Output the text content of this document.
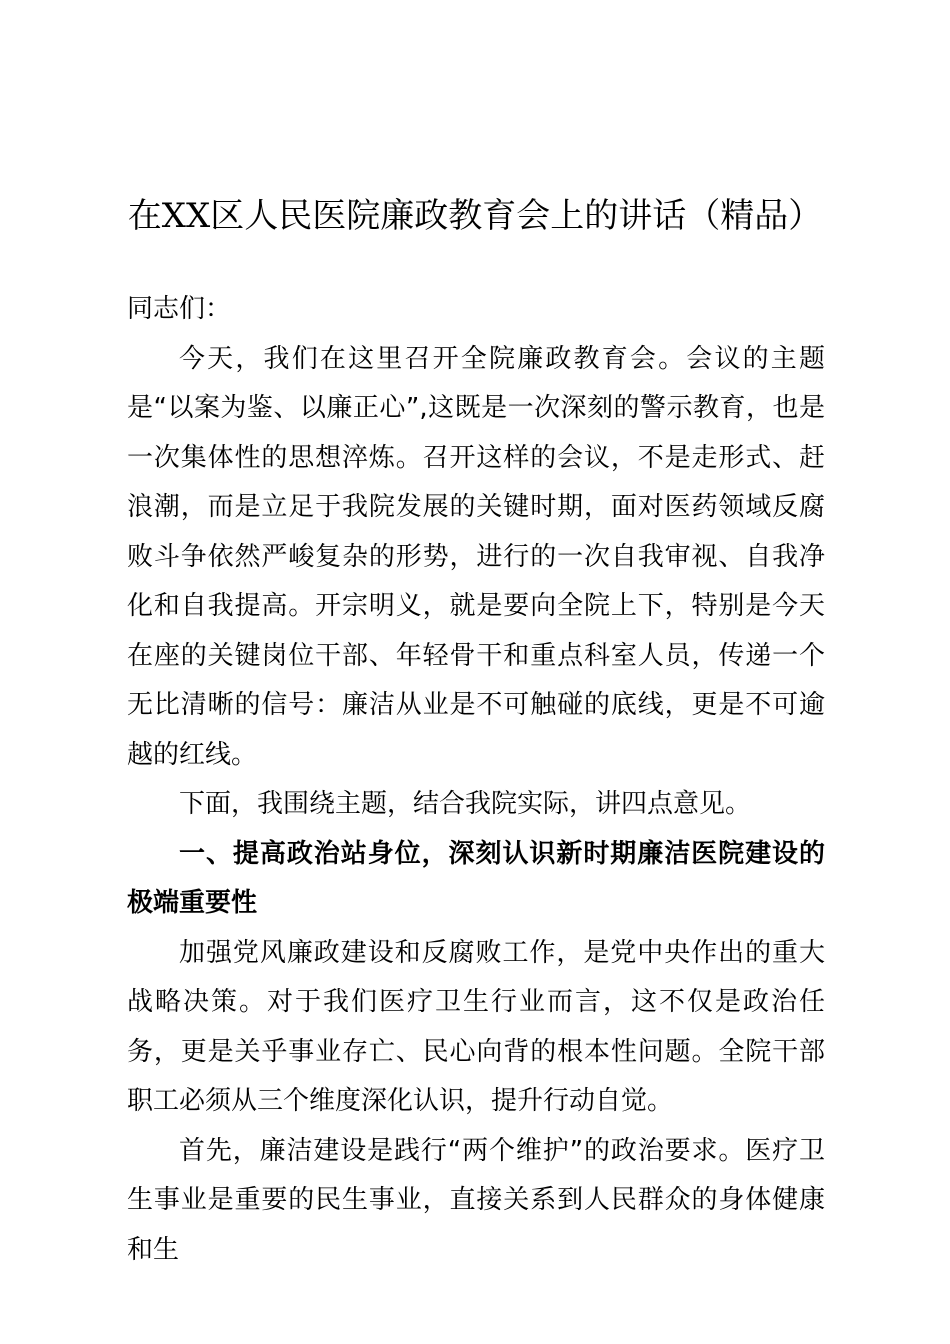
在XX区人民医院廉政教育会上的讲话（精品）

同志们：

今天，我们在这里召开全院廉政教育会。会议的主题是“以案为鉴、以廉正心”,这既是一次深刻的警示教育，也是一次集体性的思想淬炼。召开这样的会议，不是走形式、赶浪潮，而是立足于我院发展的关键时期，面对医药领域反腐败斗争依然严峻复杂的形势，进行的一次自我审视、自我净化和自我提高。开宗明义，就是要向全院上下，特别是今天在座的关键岗位干部、年轻骨干和重点科室人员，传递一个无比清晰的信号：廉洁从业是不可触碰的底线，更是不可逾越的红线。

下面，我围绕主题，结合我院实际，讲四点意见。

一、提高政治站身位，深刻认识新时期廉洁医院建设的极端重要性

加强党风廉政建设和反腐败工作，是党中央作出的重大战略决策。对于我们医疗卫生行业而言，这不仅是政治任务，更是关乎事业存亡、民心向背的根本性问题。全院干部职工必须从三个维度深化认识，提升行动自觉。

首先，廉洁建设是践行“两个维护”的政治要求。医疗卫生事业是重要的民生事业，直接关系到人民群众的身体健康和生
